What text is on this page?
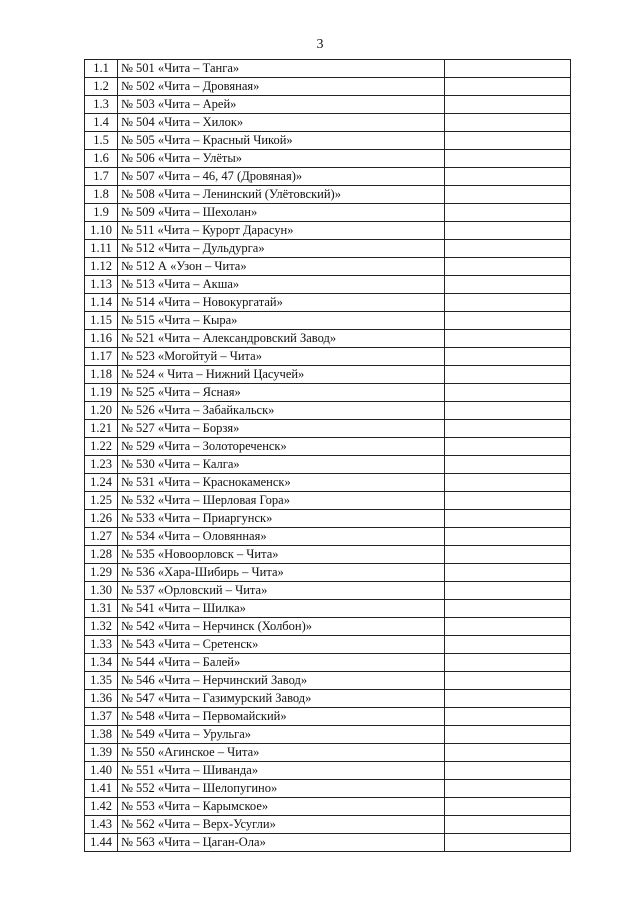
3
1.1	№ 501 «Чита – Танга»	
1.2	№ 502 «Чита – Дровяная»	
1.3	№ 503 «Чита – Арей»	
1.4	№ 504 «Чита – Хилок»	
1.5	№ 505 «Чита – Красный Чикой»	
1.6	№ 506 «Чита – Улёты»	
1.7	№ 507 «Чита – 46, 47 (Дровяная)»	
1.8	№ 508 «Чита – Ленинский (Улётовский)»	
1.9	№ 509 «Чита – Шехолан»	
1.10	№ 511 «Чита – Курорт Дарасун»	
1.11	№ 512 «Чита – Дульдурга»	
1.12	№ 512 А «Узон – Чита»	
1.13	№ 513 «Чита – Акша»	
1.14	№ 514 «Чита – Новокургатай»	
1.15	№ 515 «Чита – Кыра»	
1.16	№ 521 «Чита – Александровский Завод»	
1.17	№ 523 «Могойтуй – Чита»	
1.18	№ 524 « Чита – Нижний Цасучей»	
1.19	№ 525 «Чита – Ясная»	
1.20	№ 526 «Чита – Забайкальск»	
1.21	№ 527 «Чита – Борзя»	
1.22	№ 529 «Чита – Золотореченск»	
1.23	№ 530 «Чита – Калга»	
1.24	№ 531 «Чита – Краснокаменск»	
1.25	№ 532 «Чита – Шерловая Гора»	
1.26	№ 533 «Чита – Приаргунск»	
1.27	№ 534 «Чита – Оловянная»	
1.28	№ 535 «Новоорловск – Чита»	
1.29	№ 536 «Хара-Шибирь – Чита»	
1.30	№ 537 «Орловский – Чита»	
1.31	№ 541 «Чита – Шилка»	
1.32	№ 542 «Чита – Нерчинск (Холбон)»	
1.33	№ 543 «Чита – Сретенск»	
1.34	№ 544 «Чита – Балей»	
1.35	№ 546 «Чита – Нерчинский Завод»	
1.36	№ 547 «Чита – Газимурский Завод»	
1.37	№ 548 «Чита – Первомайский»	
1.38	№ 549 «Чита – Урульга»	
1.39	№ 550 «Агинское – Чита»	
1.40	№ 551 «Чита – Шиванда»	
1.41	№ 552 «Чита – Шелопугино»	
1.42	№ 553 «Чита – Карымское»	
1.43	№ 562 «Чита – Верх-Усугли»	
1.44	№ 563 «Чита – Цаган-Ола»	
